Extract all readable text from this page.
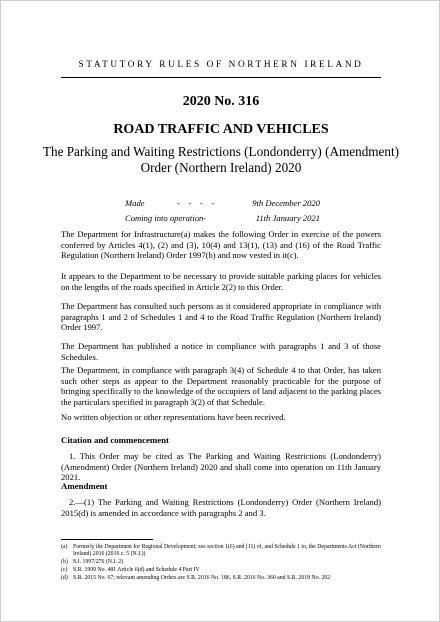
STATUTORY RULES OF NORTHERN IRELAND
2020 No. 316
ROAD TRAFFIC AND VEHICLES
The Parking and Waiting Restrictions (Londonderry) (Amendment) Order (Northern Ireland) 2020
Made
Coming into operation
-    -    -    -
-
9th December 2020
11th January 2021
The Department for Infrastructure(a) makes the following Order in exercise of the powers conferred by Articles 4(1), (2) and (3), 10(4) and 13(1), (13) and (16) of the Road Traffic Regulation (Northern Ireland) Order 1997(b) and now vested in it(c).
It appears to the Department to be necessary to provide suitable parking places for vehicles on the lengths of the roads specified in Article 2(2) to this Order.
The Department has consulted such persons as it considered appropriate in compliance with paragraphs 1 and 2 of Schedules 1 and 4 to the Road Traffic Regulation (Northern Ireland) Order 1997.
The Department has published a notice in compliance with paragraphs 1 and 3 of those Schedules.
The Department, in compliance with paragraph 3(4) of Schedule 4 to that Order, has taken such other steps as appear to the Department reasonably practicable for the purpose of bringing specifically to the knowledge of the occupiers of land adjacent to the parking places the particulars specified in paragraph 3(2) of that Schedule.
No written objection or other representations have been received.
Citation and commencement
1. This Order may be cited as The Parking and Waiting Restrictions (Londonderry) (Amendment) Order (Northern Ireland) 2020 and shall come into operation on 11th January 2021.
Amendment
2.—(1) The Parking and Waiting Restrictions (Londonderry) Order (Northern Ireland) 2015(d) is amended in accordance with paragraphs 2 and 3.
(a) Formerly the Department for Regional Development; see section 1(6) and (11) of, and Schedule 1 to, the Departments Act (Northern Ireland) 2016 (2016 c. 5 (N.I.))
(b) S.I. 1997/276 (N.I. 2)
(c) S.R. 1999 No. 481 Article 6(d) and Schedule 4 Part IV
(d) S.R. 2015 No. 67; relevant amending Orders are S.R. 2016 No. 186, S.R. 2016 No. 360 and S.R. 2018 No. 202
